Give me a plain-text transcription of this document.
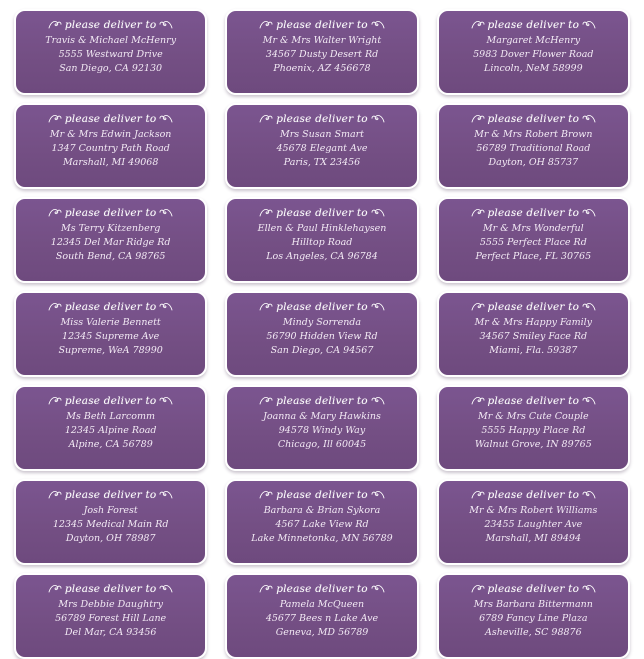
please deliver to
Travis & Michael McHenry
5555 Westward Drive
San Diego, CA 92130
please deliver to
Mr & Mrs Walter Wright
34567 Dusty Desert Rd
Phoenix, AZ 456678
please deliver to
Margaret McHenry
5983 Dover Flower Road
Lincoln, NeM 58999
please deliver to
Mr & Mrs Edwin Jackson
1347 Country Path Road
Marshall, MI 49068
please deliver to
Mrs Susan Smart
45678 Elegant Ave
Paris, TX 23456
please deliver to
Mr & Mrs Robert Brown
56789 Traditional Road
Dayton, OH 85737
please deliver to
Ms Terry Kitzenberg
12345 Del Mar Ridge Rd
South Bend, CA 98765
please deliver to
Ellen & Paul Hinklehaysen
Hilltop Road
Los Angeles, CA 96784
please deliver to
Mr & Mrs Wonderful
5555 Perfect Place Rd
Perfect Place, FL 30765
please deliver to
Miss Valerie Bennett
12345 Supreme Ave
Supreme, WeA 78990
please deliver to
Mindy Sorrenda
56790 Hidden View Rd
San Diego, CA 94567
please deliver to
Mr & Mrs Happy Family
34567 Smiley Face Rd
Miami, Fla. 59387
please deliver to
Ms Beth Larcomm
12345 Alpine Road
Alpine, CA 56789
please deliver to
Joanna & Mary Hawkins
94578 Windy Way
Chicago, Ill 60045
please deliver to
Mr & Mrs Cute Couple
5555 Happy Place Rd
Walnut Grove, IN 89765
please deliver to
Josh Forest
12345 Medical Main Rd
Dayton, OH 78987
please deliver to
Barbara & Brian Sykora
4567 Lake View Rd
Lake Minnetonka, MN 56789
please deliver to
Mr & Mrs Robert Williams
23455 Laughter Ave
Marshall, MI 89494
please deliver to
Mrs Debbie Daughtry
56789 Forest Hill Lane
Del Mar, CA 93456
please deliver to
Pamela McQueen
45677 Bees n Lake Ave
Geneva, MD 56789
please deliver to
Mrs Barbara Bittermann
6789 Fancy Line Plaza
Asheville, SC 98876
